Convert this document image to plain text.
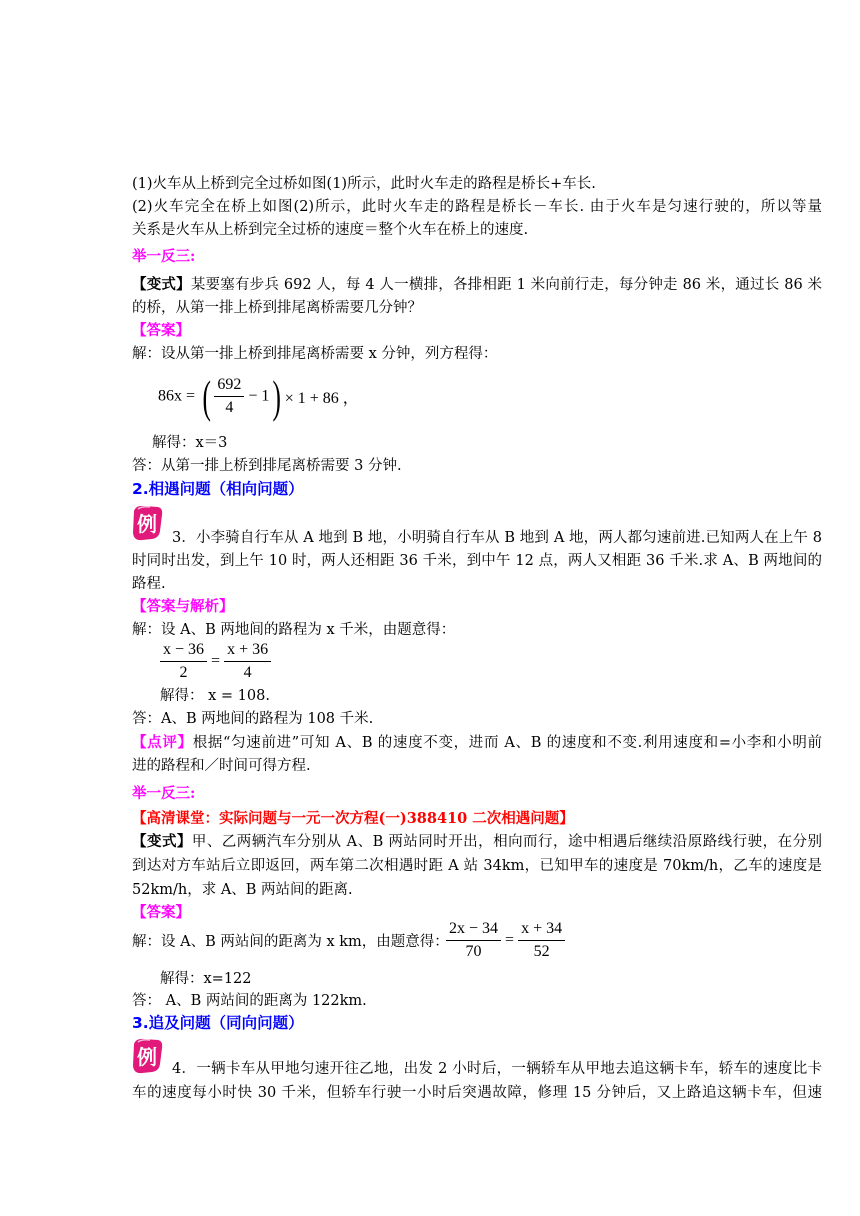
(1)火车从上桥到完全过桥如图(1)所示，此时火车走的路程是桥长+车长.
(2)火车完全在桥上如图(2)所示，此时火车走的路程是桥长－车长. 由于火车是匀速行驶的，所以等量
关系是火车从上桥到完全过桥的速度＝整个火车在桥上的速度.
举一反三:
【变式】某要塞有步兵 692 人，每 4 人一横排，各排相距 1 米向前行走，每分钟走 86 米，通过长 86 米
的桥，从第一排上桥到排尾离桥需要几分钟？
【答案】
解：设从第一排上桥到排尾离桥需要 x 分钟，列方程得：
86x = ( $\frac{692}{4} - 1) \times 1 + 86$ ，
解得：x＝3
答：从第一排上桥到排尾离桥需要 3 分钟.
2.相遇问题（相向问题）
例
3．小李骑自行车从 A 地到 B 地，小明骑自行车从 B 地到 A 地，两人都匀速前进.已知两人在上午 8
时同时出发，到上午 10 时，两人还相距 36 千米，到中午 12 点，两人又相距 36 千米.求 A、B 两地间的
路程.
【答案与解析】
解：设 A、B 两地间的路程为 x 千米，由题意得：
$\frac{x - 36}{2} = \frac{x + 36}{4}$
解得： x = 108.
答：A、B 两地间的路程为 108 千米.
【点评】根据“匀速前进”可知 A、B 的速度不变，进而 A、B 的速度和不变.利用速度和=小李和小明前
进的路程和／时间可得方程.
举一反三:
【高清课堂：实际问题与一元一次方程(一)388410 二次相遇问题】
【变式】甲、乙两辆汽车分别从 A、B 两站同时开出，相向而行，途中相遇后继续沿原路线行驶，在分别
到达对方车站后立即返回，两车第二次相遇时距 A 站 34km，已知甲车的速度是 70km/h，乙车的速度是
52km/h，求 A、B 两站间的距离.
【答案】
解：设 A、B 两站间的距离为 x km，由题意得：
$\frac{2x - 34}{70} = \frac{x + 34}{52}$
解得：x=122
答： A、B 两站间的距离为 122km.
3.追及问题（同向问题）
例 4．一辆卡车从甲地匀速开往乙地，出发 2 小时后，一辆轿车从甲地去追这辆卡车，轿车的速度比卡
车的速度每小时快 30 千米，但轿车行驶一小时后突遇故障，修理 15 分钟后，又上路追这辆卡车，但速
